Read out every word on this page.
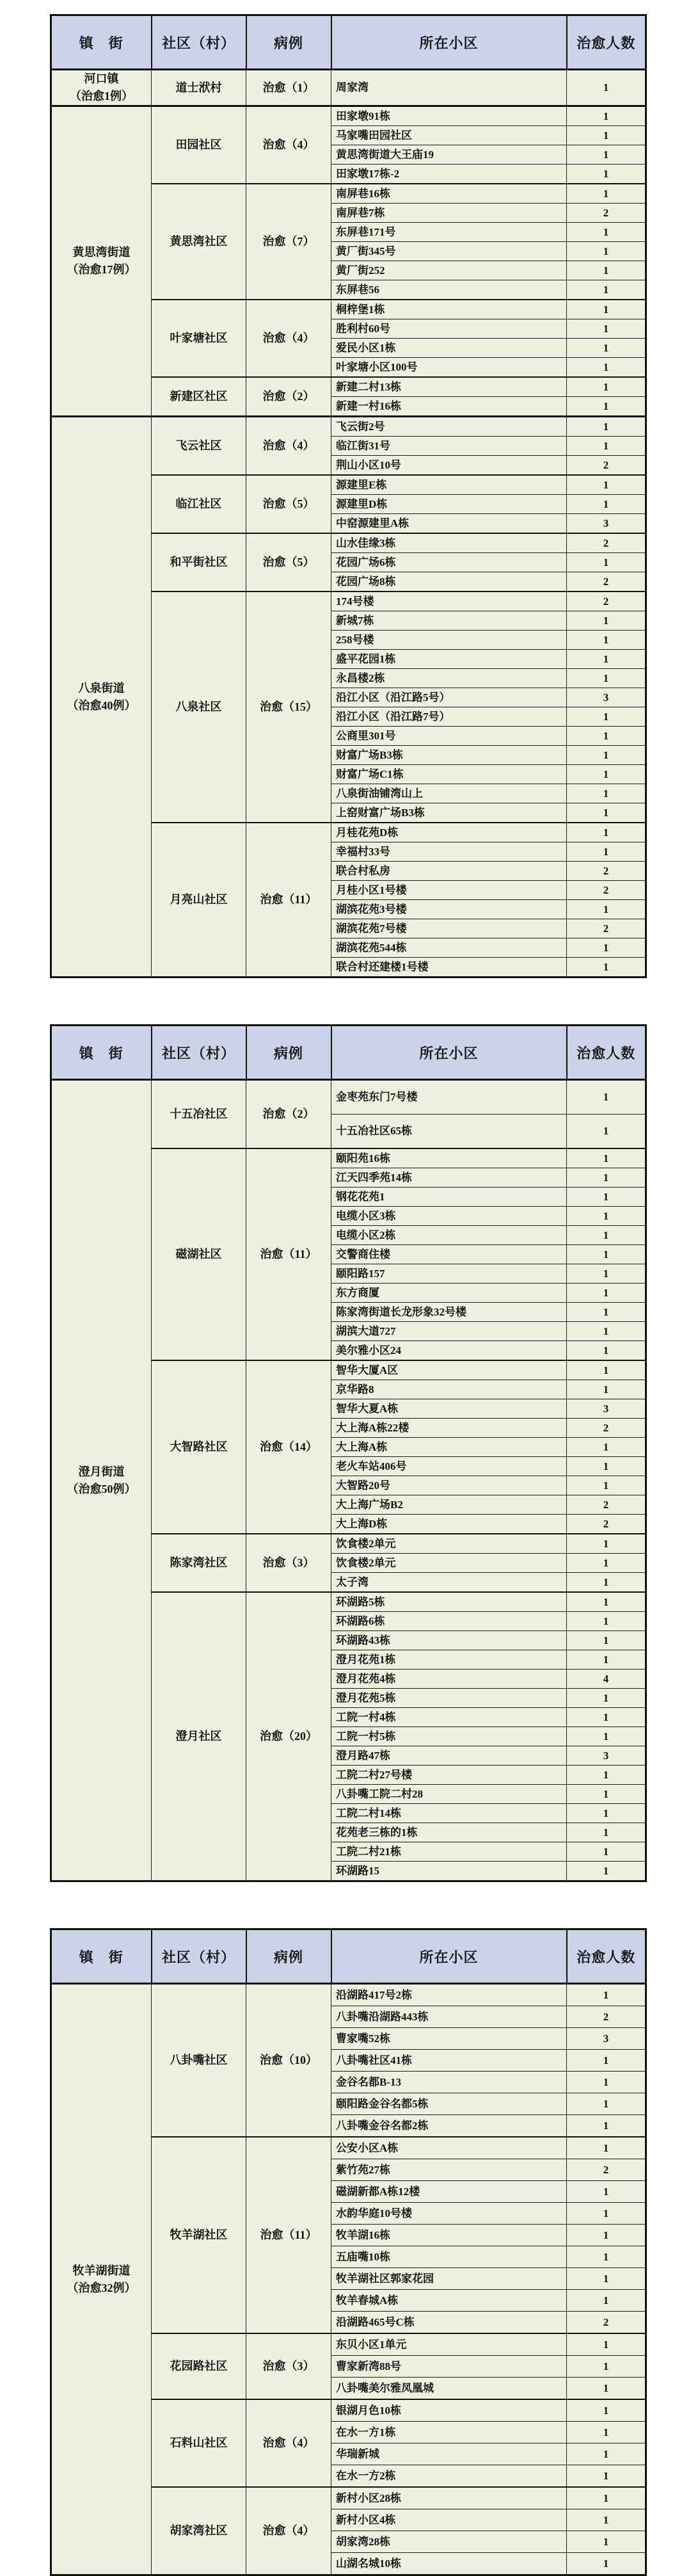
镇　街	社区（村）	病例	所在小区	治愈人数

河口镇
（治愈1例）	道士洑村	治愈（1）	周家湾	1

黄思湾街道
（治愈17例）	田园社区	治愈（4）	田家墩91栋	1
			马家嘴田园社区	1
			黄思湾街道大王庙19	1
			田家墩17栋-2	1
	黄思湾社区	治愈（7）	南屏巷16栋	1
			南屏巷7栋	2
			东屏巷171号	1
			黄厂街345号	1
			黄厂街252	1
			东屏巷56	1
	叶家塘社区	治愈（4）	桐梓堡1栋	1
			胜利村60号	1
			爱民小区1栋	1
			叶家塘小区100号	1
	新建区社区	治愈（2）	新建二村13栋	1
			新建一村16栋	1

八泉街道
（治愈40例）	飞云社区	治愈（4）	飞云街2号	1
			临江街31号	1
			荆山小区10号	2
	临江社区	治愈（5）	源建里E栋	1
			源建里D栋	1
			中窑源建里A栋	3
	和平街社区	治愈（5）	山水佳缘3栋	2
			花园广场6栋	1
			花园广场8栋	2
	八泉社区	治愈（15）	174号楼	2
			新城7栋	1
			258号楼	1
			盛平花园1栋	1
			永昌楼2栋	1
			沿江小区（沿江路5号）	3
			沿江小区（沿江路7号）	1
			公商里301号	1
			财富广场B3栋	1
			财富广场C1栋	1
			八泉街油铺湾山上	1
			上窑财富广场B3栋	1
	月亮山社区	治愈（11）	月桂花苑D栋	1
			幸福村33号	1
			联合村私房	2
			月桂小区1号楼	2
			湖滨花苑3号楼	1
			湖滨花苑7号楼	2
			湖滨花苑544栋	1
			联合村还建楼1号楼	1
镇　街	社区（村）	病例	所在小区	治愈人数

澄月街道
（治愈50例）	十五冶社区	治愈（2）	金枣苑东门7号楼	1
			十五冶社区65栋	1
	磁湖社区	治愈（11）	颐阳苑16栋	1
			江天四季苑14栋	1
			钢花花苑1	1
			电缆小区3栋	1
			电缆小区2栋	1
			交警商住楼	1
			颐阳路157	1
			东方商厦	1
			陈家湾街道长龙形象32号楼	1
			湖滨大道727	1
			美尔雅小区24	1
	大智路社区	治愈（14）	智华大厦A区	1
			京华路8	1
			智华大夏A栋	3
			大上海A栋22楼	2
			大上海A栋	1
			老火车站406号	1
			大智路20号	1
			大上海广场B2	2
			大上海D栋	2
	陈家湾社区	治愈（3）	饮食楼2单元	1
			饮食楼2单元	1
			太子湾	1
	澄月社区	治愈（20）	环湖路5栋	1
			环湖路6栋	1
			环湖路43栋	1
			澄月花苑1栋	1
			澄月花苑4栋	4
			澄月花苑5栋	1
			工院一村4栋	1
			工院一村5栋	1
			澄月路47栋	3
			工院二村27号楼	1
			八卦嘴工院二村28	1
			工院二村14栋	1
			花苑老三栋的1栋	1
			工院二村21栋	1
			环湖路15	1
镇　街	社区（村）	病例	所在小区	治愈人数

牧羊湖街道
（治愈32例）	八卦嘴社区	治愈（10）	沿湖路417号2栋	1
			八卦嘴沿湖路443栋	2
			曹家嘴52栋	3
			八卦嘴社区41栋	1
			金谷名都B-13	1
			颐阳路金谷名都5栋	1
			八卦嘴金谷名都2栋	1
	牧羊湖社区	治愈（11）	公安小区A栋	1
			紫竹苑27栋	2
			磁湖新都A栋12楼	1
			水韵华庭10号楼	1
			牧羊湖16栋	1
			五庙嘴10栋	1
			牧羊湖社区郭家花园	1
			牧羊春城A栋	1
			沿湖路465号C栋	2
	花园路社区	治愈（3）	东贝小区1单元	1
			曹家新湾88号	1
			八卦嘴美尔雅凤凰城	1
	石料山社区	治愈（4）	银湖月色10栋	1
			在水一方1栋	1
			华瑞新城	1
			在水一方2栋	1
	胡家湾社区	治愈（4）	新村小区28栋	1
			新村小区4栋	1
			胡家湾28栋	1
			山湖名城10栋	1
